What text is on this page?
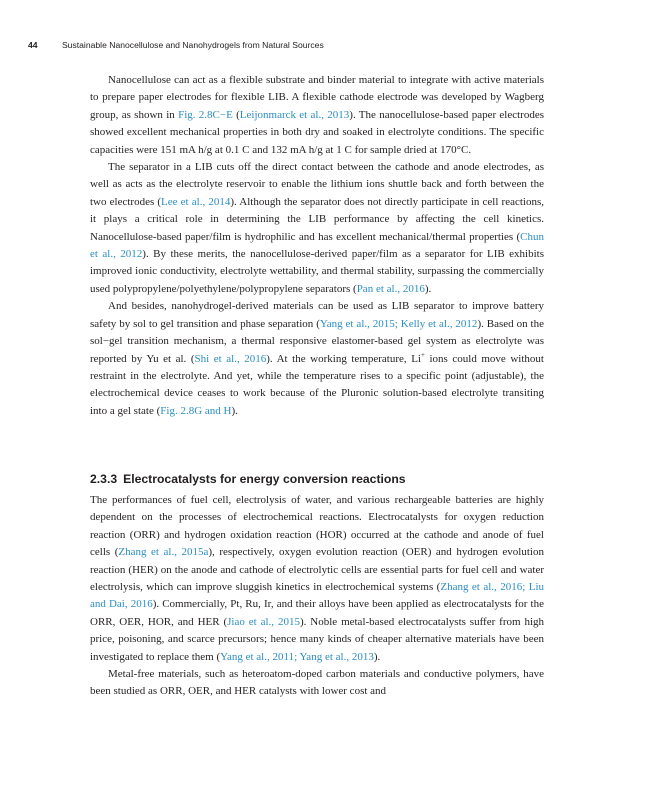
44	Sustainable Nanocellulose and Nanohydrogels from Natural Sources

Nanocellulose can act as a flexible substrate and binder material to integrate with active materials to prepare paper electrodes for flexible LIB. A flexible cathode electrode was developed by Wagberg group, as shown in Fig. 2.8C−E (Leijonmarck et al., 2013). The nanocellulose-based paper electrodes showed excellent mechanical properties in both dry and soaked in electrolyte conditions. The specific capacities were 151 mA h/g at 0.1 C and 132 mA h/g at 1 C for sample dried at 170°C.

The separator in a LIB cuts off the direct contact between the cathode and anode electrodes, as well as acts as the electrolyte reservoir to enable the lithium ions shuttle back and forth between the two electrodes (Lee et al., 2014). Although the separator does not directly participate in cell reactions, it plays a critical role in determining the LIB performance by affecting the cell kinetics. Nanocellulose-based paper/film is hydrophilic and has excellent mechanical/thermal properties (Chun et al., 2012). By these merits, the nanocellulose-derived paper/film as a separator for LIB exhibits improved ionic conductivity, electrolyte wettability, and thermal stability, surpassing the commercially used polypropylene/polyethylene/polypropylene separators (Pan et al., 2016).

And besides, nanohydrogel-derived materials can be used as LIB separator to improve battery safety by sol to gel transition and phase separation (Yang et al., 2015; Kelly et al., 2012). Based on the sol−gel transition mechanism, a thermal responsive elastomer-based gel system as electrolyte was reported by Yu et al. (Shi et al., 2016). At the working temperature, Li+ ions could move without restraint in the electrolyte. And yet, while the temperature rises to a specific point (adjustable), the electrochemical device ceases to work because of the Pluronic solution-based electrolyte transiting into a gel state (Fig. 2.8G and H).

2.3.3 Electrocatalysts for energy conversion reactions

The performances of fuel cell, electrolysis of water, and various rechargeable batteries are highly dependent on the processes of electrochemical reactions. Electrocatalysts for oxygen reduction reaction (ORR) and hydrogen oxidation reaction (HOR) occurred at the cathode and anode of fuel cells (Zhang et al., 2015a), respectively, oxygen evolution reaction (OER) and hydrogen evolution reaction (HER) on the anode and cathode of electrolytic cells are essential parts for fuel cell and water electrolysis, which can improve sluggish kinetics in electrochemical systems (Zhang et al., 2016; Liu and Dai, 2016). Commercially, Pt, Ru, Ir, and their alloys have been applied as electrocatalysts for the ORR, OER, HOR, and HER (Jiao et al., 2015). Noble metal-based electrocatalysts suffer from high price, poisoning, and scarce precursors; hence many kinds of cheaper alternative materials have been investigated to replace them (Yang et al., 2011; Yang et al., 2013).

Metal-free materials, such as heteroatom-doped carbon materials and conductive polymers, have been studied as ORR, OER, and HER catalysts with lower cost and
